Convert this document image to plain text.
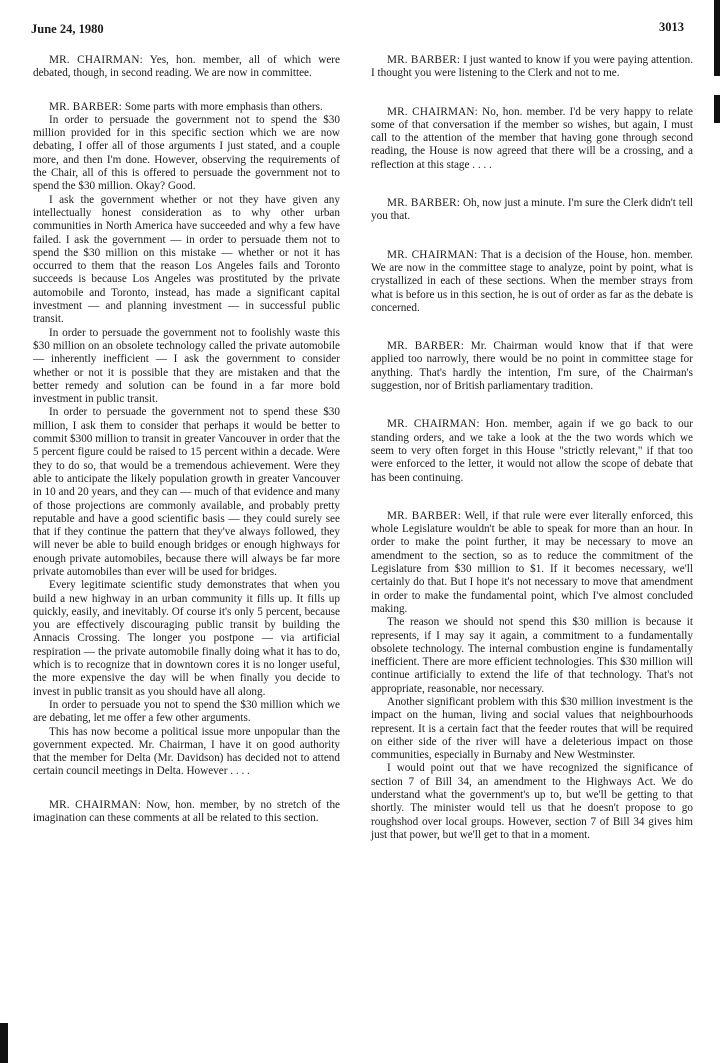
June 24, 1980	3013

MR. CHAIRMAN: Yes, hon. member, all of which were debated, though, in second reading. We are now in committee.

MR. BARBER: Some parts with more emphasis than others.

In order to persuade the government not to spend the $30 million provided for in this specific section which we are now debating, I offer all of those arguments I just stated, and a couple more, and then I'm done. However, observing the requirements of the Chair, all of this is offered to persuade the government not to spend the $30 million. Okay? Good.

I ask the government whether or not they have given any intellectually honest consideration as to why other urban communities in North America have succeeded and why a few have failed. I ask the government — in order to persuade them not to spend the $30 million on this mistake — whether or not it has occurred to them that the reason Los Angeles fails and Toronto succeeds is because Los Angeles was prostituted by the private automobile and Toronto, instead, has made a significant capital investment — and planning investment — in successful public transit.

In order to persuade the government not to foolishly waste this $30 million on an obsolete technology called the private automobile — inherently inefficient — I ask the government to consider whether or not it is possible that they are mistaken and that the better remedy and solution can be found in a far more bold investment in public transit.

In order to persuade the government not to spend these $30 million, I ask them to consider that perhaps it would be better to commit $300 million to transit in greater Vancouver in order that the 5 percent figure could be raised to 15 percent within a decade. Were they to do so, that would be a tremendous achievement. Were they able to anticipate the likely population growth in greater Vancouver in 10 and 20 years, and they can — much of that evidence and many of those projections are commonly available, and probably pretty reputable and have a good scientific basis — they could surely see that if they continue the pattern that they've always followed, they will never be able to build enough bridges or enough highways for enough private automobiles, because there will always be far more private automobiles than ever will be used for bridges.

Every legitimate scientific study demonstrates that when you build a new highway in an urban community it fills up. It fills up quickly, easily, and inevitably. Of course it's only 5 percent, because you are effectively discouraging public transit by building the Annacis Crossing. The longer you postpone — via artificial respiration — the private automobile finally doing what it has to do, which is to recognize that in downtown cores it is no longer useful, the more expensive the day will be when finally you decide to invest in public transit as you should have all along.

In order to persuade you not to spend the $30 million which we are debating, let me offer a few other arguments.

This has now become a political issue more unpopular than the government expected. Mr. Chairman, I have it on good authority that the member for Delta (Mr. Davidson) has decided not to attend certain council meetings in Delta. However . . . .

MR. CHAIRMAN: Now, hon. member, by no stretch of the imagination can these comments at all be related to this section.

MR. BARBER: I just wanted to know if you were paying attention. I thought you were listening to the Clerk and not to me.

MR. CHAIRMAN: No, hon. member. I'd be very happy to relate some of that conversation if the member so wishes, but again, I must call to the attention of the member that having gone through second reading, the House is now agreed that there will be a crossing, and a reflection at this stage . . . .

MR. BARBER: Oh, now just a minute. I'm sure the Clerk didn't tell you that.

MR. CHAIRMAN: That is a decision of the House, hon. member. We are now in the committee stage to analyze, point by point, what is crystallized in each of these sections. When the member strays from what is before us in this section, he is out of order as far as the debate is concerned.

MR. BARBER: Mr. Chairman would know that if that were applied too narrowly, there would be no point in committee stage for anything. That's hardly the intention, I'm sure, of the Chairman's suggestion, nor of British parliamentary tradition.

MR. CHAIRMAN: Hon. member, again if we go back to our standing orders, and we take a look at the the two words which we seem to very often forget in this House "strictly relevant," if that too were enforced to the letter, it would not allow the scope of debate that has been continuing.

MR. BARBER: Well, if that rule were ever literally enforced, this whole Legislature wouldn't be able to speak for more than an hour. In order to make the point further, it may be necessary to move an amendment to the section, so as to reduce the commitment of the Legislature from $30 million to $1. If it becomes necessary, we'll certainly do that. But I hope it's not necessary to move that amendment in order to make the fundamental point, which I've almost concluded making.

The reason we should not spend this $30 million is because it represents, if I may say it again, a commitment to a fundamentally obsolete technology. The internal combustion engine is fundamentally inefficient. There are more efficient technologies. This $30 million will continue artificially to extend the life of that technology. That's not appropriate, reasonable, nor necessary.

Another significant problem with this $30 million investment is the impact on the human, living and social values that neighbourhoods represent. It is a certain fact that the feeder routes that will be required on either side of the river will have a deleterious impact on those communities, especially in Burnaby and New Westminster.

I would point out that we have recognized the significance of section 7 of Bill 34, an amendment to the Highways Act. We do understand what the government's up to, but we'll be getting to that shortly. The minister would tell us that he doesn't propose to go roughshod over local groups. However, section 7 of Bill 34 gives him just that power, but we'll get to that in a moment.
